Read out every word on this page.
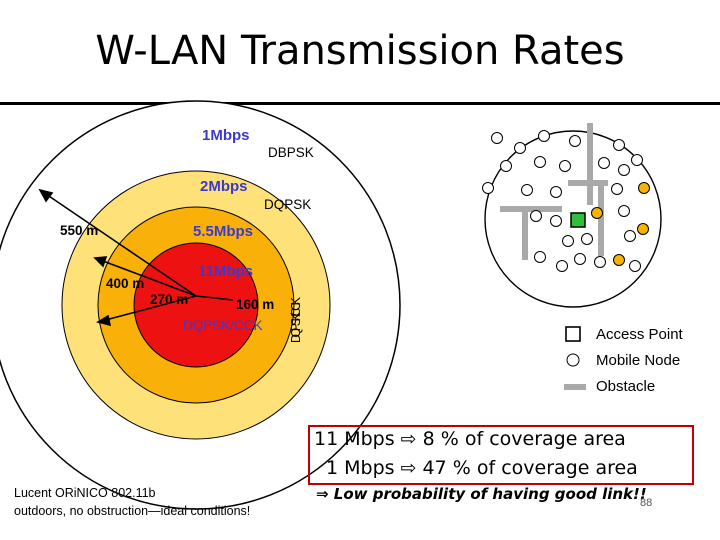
W-LAN Transmission Rates
1Mbps
DBPSK
2Mbps
DQPSK
5.5Mbps
11Mbps
DQPSK/CCK
550 m
400 m
270 m	160 m
DQPSK/CCK
Access Point
Mobile Node
Obstacle
11 Mbps ⇨ 8 % of coverage area
1 Mbps ⇨ 47 % of coverage area
⇒ Low probability of having good link!!
Lucent ORiNICO 802.11b
outdoors, no obstruction—ideal conditions!
88
